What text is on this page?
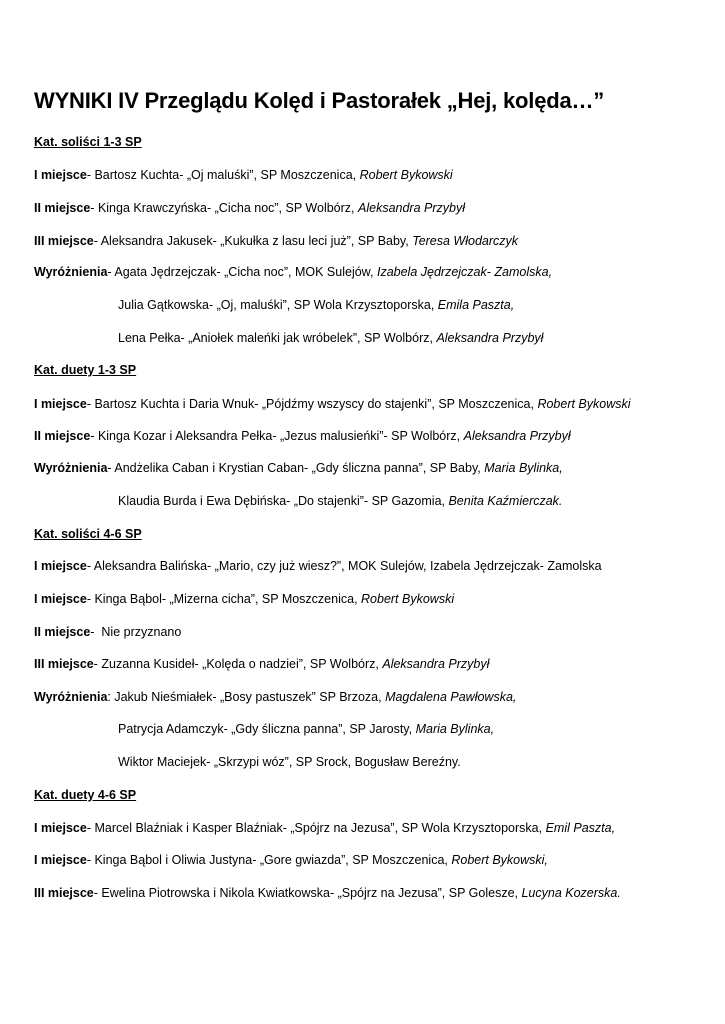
WYNIKI IV Przeglądu Kolęd i Pastorałek „Hej, kolęda…”
Kat. soliści 1-3 SP
I miejsce- Bartosz Kuchta- „Oj maluśki”, SP Moszczenica, Robert Bykowski
II miejsce- Kinga Krawczyńska- „Cicha noc”, SP Wolbórz, Aleksandra Przybył
III miejsce- Aleksandra Jakusek- „Kukułka z lasu leci już”, SP Baby, Teresa Włodarczyk
Wyróżnienia- Agata Jędrzejczak- „Cicha noc”, MOK Sulejów, Izabela Jędrzejczak- Zamolska,
Julia Gątkowska- „Oj, maluśki”, SP Wola Krzysztoporska, Emila Paszta,
Lena Pełka- „Aniołek maleńki jak wróbelek”, SP Wolbórz, Aleksandra Przybył
Kat. duety 1-3 SP
I miejsce- Bartosz Kuchta i Daria Wnuk- „Pójdźmy wszyscy do stajenki”, SP Moszczenica, Robert Bykowski
II miejsce- Kinga Kozar i Aleksandra Pełka- „Jezus malusieńki”- SP Wolbórz, Aleksandra Przybył
Wyróżnienia- Andżelika Caban i Krystian Caban- „Gdy śliczna panna”, SP Baby, Maria Bylinka,
Klaudia Burda i Ewa Dębińska- „Do stajenki”- SP Gazomia, Benita Kaźmierczak.
Kat. soliści 4-6 SP
I miejsce- Aleksandra Balińska- „Mario, czy już wiesz?”, MOK Sulejów, Izabela Jędrzejczak- Zamolska
I miejsce- Kinga Bąbol- „Mizerna cicha”, SP Moszczenica, Robert Bykowski
II miejsce-  Nie przyznano
III miejsce- Zuzanna Kusideł- „Kolęda o nadziei”, SP Wolbórz, Aleksandra Przybył
Wyróżnienia: Jakub Nieśmiałek- „Bosy pastuszek” SP Brzoza, Magdalena Pawłowska,
Patrycja Adamczyk- „Gdy śliczna panna”, SP Jarosty, Maria Bylinka,
Wiktor Maciejek- „Skrzypi wóz”, SP Srock, Bogusław Bereźny.
Kat. duety 4-6 SP
I miejsce- Marcel Blaźniak i Kasper Blaźniak- „Spójrz na Jezusa”, SP Wola Krzysztoporska, Emil Paszta,
I miejsce- Kinga Bąbol i Oliwia Justyna- „Gore gwiazda”, SP Moszczenica, Robert Bykowski,
III miejsce- Ewelina Piotrowska i Nikola Kwiatkowska- „Spójrz na Jezusa”, SP Golesze, Lucyna Kozerska.
